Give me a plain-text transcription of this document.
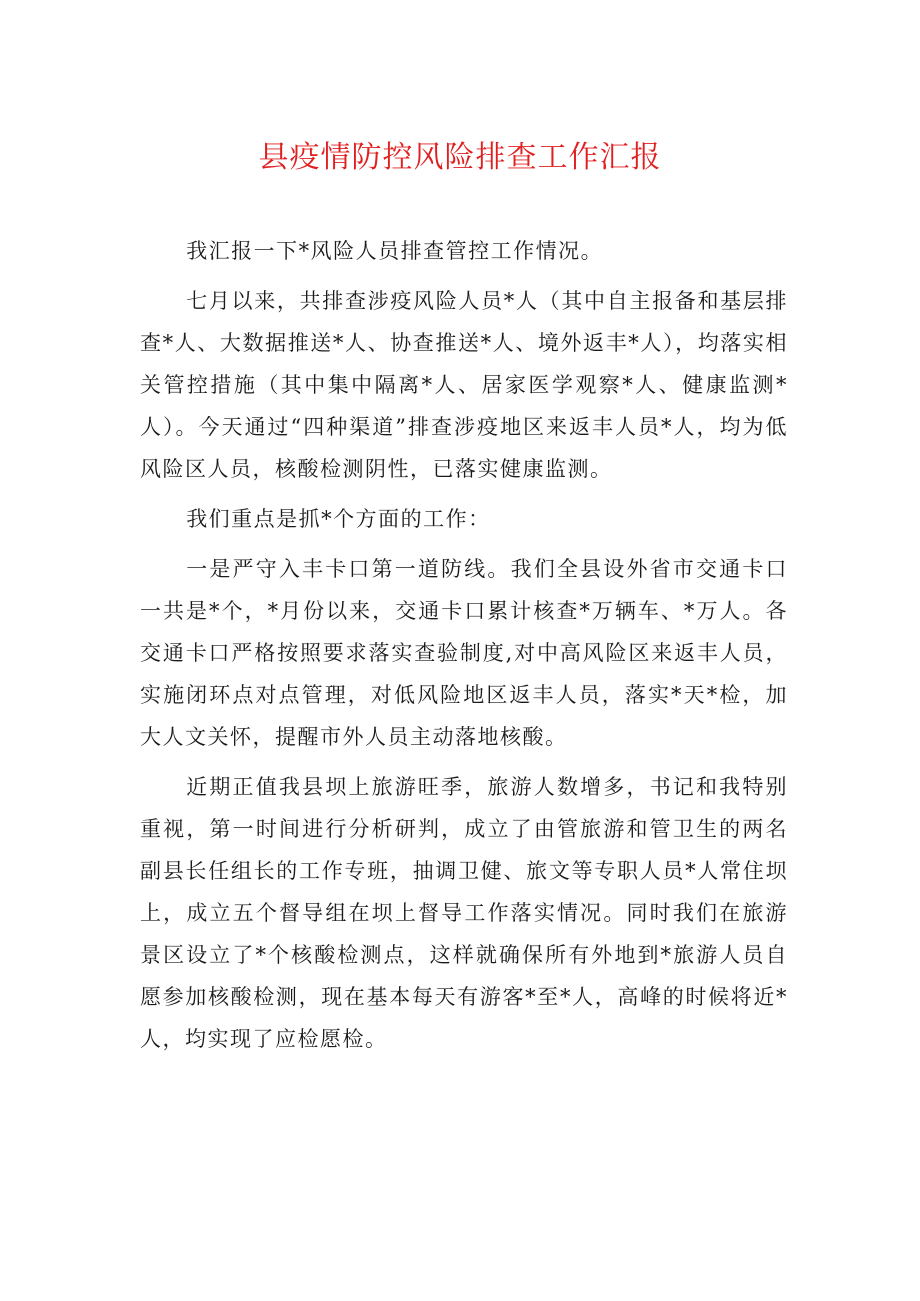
县疫情防控风险排查工作汇报

我汇报一下*风险人员排查管控工作情况。

七月以来，共排查涉疫风险人员*人（其中自主报备和基层排查*人、大数据推送*人、协查推送*人、境外返丰*人），均落实相关管控措施（其中集中隔离*人、居家医学观察*人、健康监测*人）。今天通过“四种渠道”排查涉疫地区来返丰人员*人，均为低风险区人员，核酸检测阴性，已落实健康监测。

我们重点是抓*个方面的工作：

一是严守入丰卡口第一道防线。我们全县设外省市交通卡口一共是*个，*月份以来，交通卡口累计核查*万辆车、*万人。各交通卡口严格按照要求落实查验制度,对中高风险区来返丰人员，实施闭环点对点管理，对低风险地区返丰人员，落实*天*检，加大人文关怀，提醒市外人员主动落地核酸。

近期正值我县坝上旅游旺季，旅游人数增多，书记和我特别重视，第一时间进行分析研判，成立了由管旅游和管卫生的两名副县长任组长的工作专班，抽调卫健、旅文等专职人员*人常住坝上，成立五个督导组在坝上督导工作落实情况。同时我们在旅游景区设立了*个核酸检测点，这样就确保所有外地到*旅游人员自愿参加核酸检测，现在基本每天有游客*至*人，高峰的时候将近*人，均实现了应检愿检。
